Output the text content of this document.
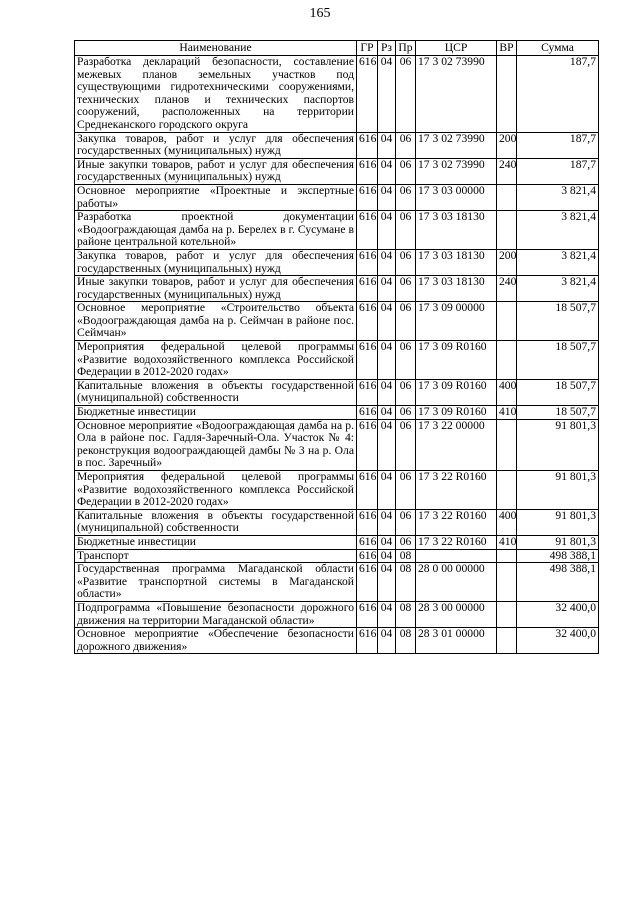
165
Наименование	ГР	Рз	Пр	ЦСР	ВР	Сумма
Разработка деклараций безопасности, составление межевых планов земельных участков под существующими гидротехническими сооружениями, технических планов и технических паспортов сооружений, расположенных на территории Среднеканского городского округа	616	04	06	17 3 02 73990		187,7
Закупка товаров, работ и услуг для обеспечения государственных (муниципальных) нужд	616	04	06	17 3 02 73990	200	187,7
Иные закупки товаров, работ и услуг для обеспечения государственных (муниципальных) нужд	616	04	06	17 3 02 73990	240	187,7
Основное мероприятие «Проектные и экспертные работы»	616	04	06	17 3 03 00000		3 821,4
Разработка проектной документации «Водоограждающая дамба на р. Берелех в г. Сусумане в районе центральной котельной»	616	04	06	17 3 03 18130		3 821,4
Закупка товаров, работ и услуг для обеспечения государственных (муниципальных) нужд	616	04	06	17 3 03 18130	200	3 821,4
Иные закупки товаров, работ и услуг для обеспечения государственных (муниципальных) нужд	616	04	06	17 3 03 18130	240	3 821,4
Основное мероприятие «Строительство объекта «Водоограждающая дамба на р. Сеймчан в районе пос. Сеймчан»	616	04	06	17 3 09 00000		18 507,7
Мероприятия федеральной целевой программы «Развитие водохозяйственного комплекса Российской Федерации в 2012-2020 годах»	616	04	06	17 3 09 R0160		18 507,7
Капитальные вложения в объекты государственной (муниципальной) собственности	616	04	06	17 3 09 R0160	400	18 507,7
Бюджетные инвестиции	616	04	06	17 3 09 R0160	410	18 507,7
Основное мероприятие «Водоограждающая дамба на р. Ола в районе пос. Гадля-Заречный-Ола. Участок № 4: реконструкция водоограждающей дамбы № 3 на р. Ола в пос. Заречный»	616	04	06	17 3 22 00000		91 801,3
Мероприятия федеральной целевой программы «Развитие водохозяйственного комплекса Российской Федерации в 2012-2020 годах»	616	04	06	17 3 22 R0160		91 801,3
Капитальные вложения в объекты государственной (муниципальной) собственности	616	04	06	17 3 22 R0160	400	91 801,3
Бюджетные инвестиции	616	04	06	17 3 22 R0160	410	91 801,3
Транспорт	616	04	08			498 388,1
Государственная программа Магаданской области «Развитие транспортной системы в Магаданской области»	616	04	08	28 0 00 00000		498 388,1
Подпрограмма «Повышение безопасности дорожного движения на территории Магаданской области»	616	04	08	28 3 00 00000		32 400,0
Основное мероприятие «Обеспечение безопасности дорожного движения»	616	04	08	28 3 01 00000		32 400,0
